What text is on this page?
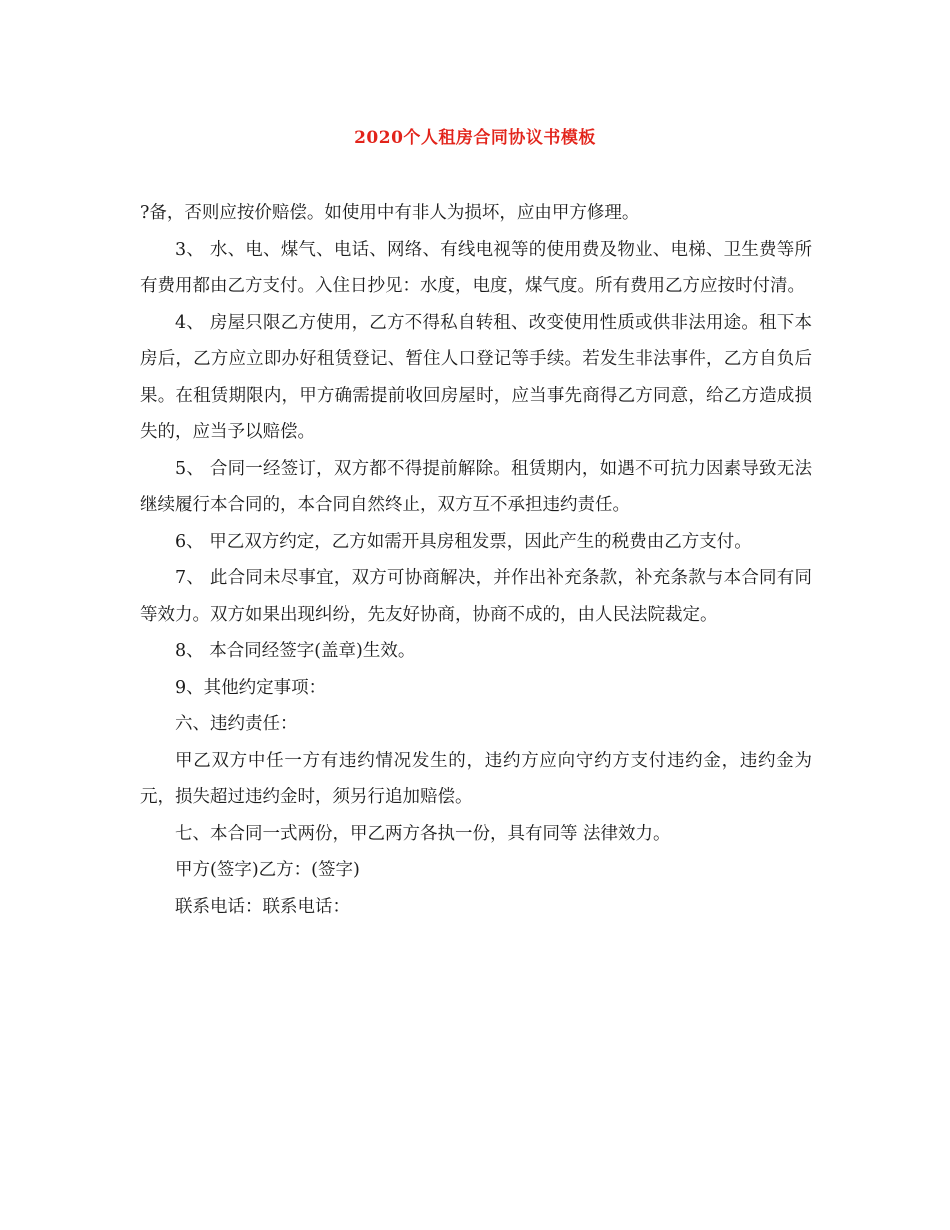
2020个人租房合同协议书模板

?备，否则应按价赔偿。如使用中有非人为损坏，应由甲方修理。

3、 水、电、煤气、电话、网络、有线电视等的使用费及物业、电梯、卫生费等所有费用都由乙方支付。入住日抄见：水度，电度，煤气度。所有费用乙方应按时付清。

4、 房屋只限乙方使用，乙方不得私自转租、改变使用性质或供非法用途。租下本房后，乙方应立即办好租赁登记、暂住人口登记等手续。若发生非法事件，乙方自负后果。在租赁期限内，甲方确需提前收回房屋时，应当事先商得乙方同意，给乙方造成损失的，应当予以赔偿。

5、 合同一经签订，双方都不得提前解除。租赁期内，如遇不可抗力因素导致无法继续履行本合同的，本合同自然终止，双方互不承担违约责任。

6、 甲乙双方约定，乙方如需开具房租发票，因此产生的税费由乙方支付。

7、 此合同未尽事宜，双方可协商解决，并作出补充条款，补充条款与本合同有同等效力。双方如果出现纠纷，先友好协商，协商不成的，由人民法院裁定。

8、 本合同经签字(盖章)生效。

9、其他约定事项：

六、违约责任：

甲乙双方中任一方有违约情况发生的，违约方应向守约方支付违约金，违约金为元，损失超过违约金时，须另行追加赔偿。

七、本合同一式两份，甲乙两方各执一份，具有同等 法律效力。

甲方(签字)乙方：(签字)

联系电话：联系电话：
